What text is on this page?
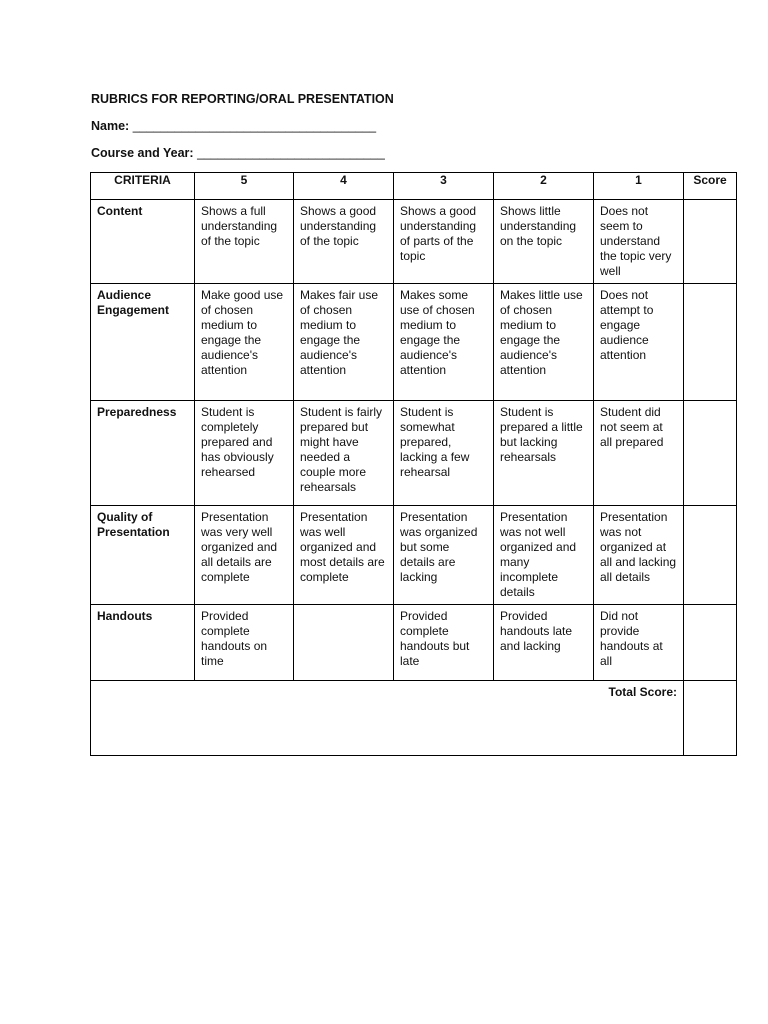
RUBRICS FOR REPORTING/ORAL PRESENTATION
Name: ___________________________________
Course and Year: ___________________________
CRITERIA	5	4	3	2	1	Score
Content	Shows a full understanding of the topic	Shows a good understanding of the topic	Shows a good understanding of parts of the topic	Shows little understanding on the topic	Does not seem to understand the topic very well	
Audience Engagement	Make good use of chosen medium to engage the audience's attention	Makes fair use of chosen medium to engage the audience's attention	Makes some use of chosen medium to engage the audience's attention	Makes little use of chosen medium to engage the audience's attention	Does not attempt to engage audience attention	
Preparedness	Student is completely prepared and has obviously rehearsed	Student is fairly prepared but might have needed a couple more rehearsals	Student is somewhat prepared, lacking a few rehearsal	Student is prepared a little but lacking rehearsals	Student did not seem at all prepared	
Quality of Presentation	Presentation was very well organized and all details are complete	Presentation was well organized and most details are complete	Presentation was organized but some details are lacking	Presentation was not well organized and many incomplete details	Presentation was not organized at all and lacking all details	
Handouts	Provided complete handouts on time		Provided complete handouts but late	Provided handouts late and lacking	Did not provide handouts at all	
Total Score:						
